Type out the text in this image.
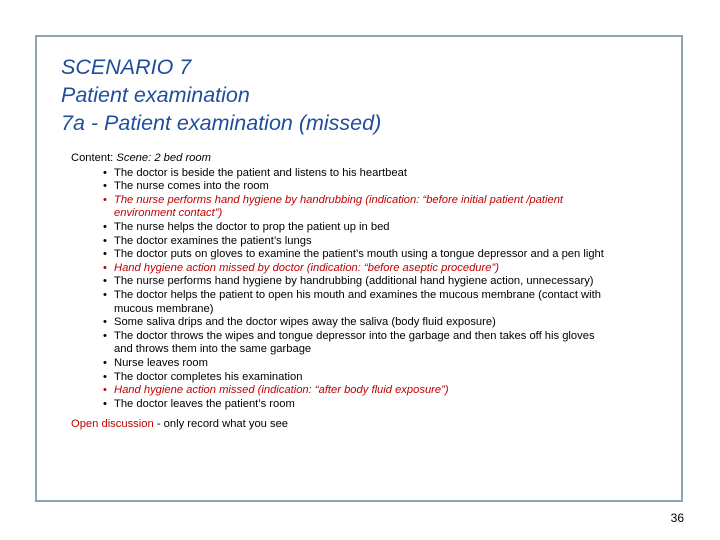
SCENARIO 7
Patient examination
7a - Patient examination (missed)
Content: Scene: 2 bed room
• The doctor is beside the patient and listens to his heartbeat
• The nurse comes into the room
• The nurse performs hand hygiene by handrubbing (indication: “before initial patient /patient
environment contact”)
• The nurse helps the doctor to prop the patient up in bed
• The doctor examines the patient’s lungs
• The doctor puts on gloves to examine the patient’s mouth using a tongue depressor and a pen light
• Hand hygiene action missed by doctor (indication: “before aseptic procedure”)
• The nurse performs hand hygiene by handrubbing (additional hand hygiene action, unnecessary)
• The doctor helps the patient to open his mouth and examines the mucous membrane (contact with
mucous membrane)
• Some saliva drips and the doctor wipes away the saliva (body fluid exposure)
• The doctor throws the wipes and tongue depressor into the garbage and then takes off his gloves
and throws them into the same garbage
• Nurse leaves room
• The doctor completes his examination
• Hand hygiene action missed (indication: “after body fluid exposure”)
• The doctor leaves the patient’s room
Open discussion - only record what you see
36
